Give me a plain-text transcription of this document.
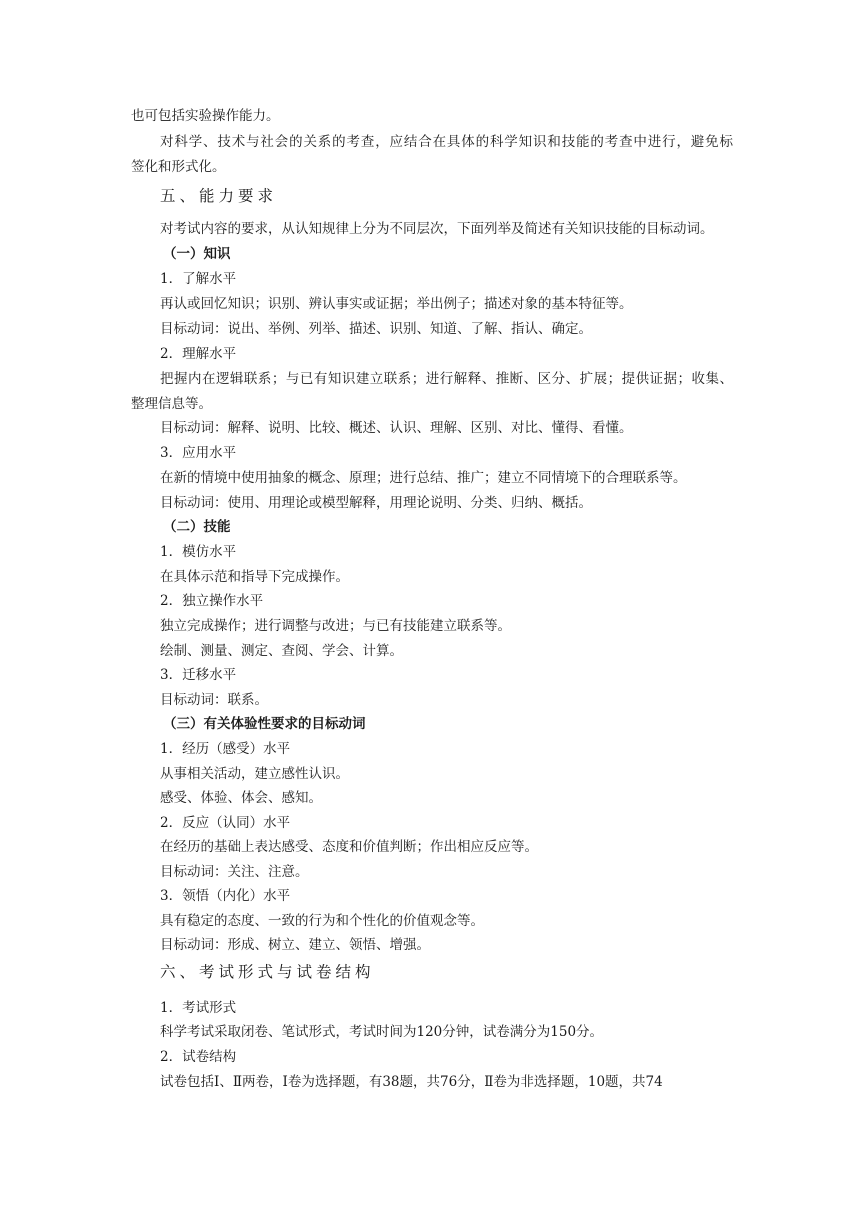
也可包括实验操作能力。
对科学、技术与社会的关系的考查，应结合在具体的科学知识和技能的考查中进行，避免标
签化和形式化。
五、能力要求
对考试内容的要求，从认知规律上分为不同层次，下面列举及简述有关知识技能的目标动词。
（一）知识
1．了解水平
再认或回忆知识；识别、辨认事实或证据；举出例子；描述对象的基本特征等。
目标动词：说出、举例、列举、描述、识别、知道、了解、指认、确定。
2．理解水平
把握内在逻辑联系；与已有知识建立联系；进行解释、推断、区分、扩展；提供证据；收集、
整理信息等。
目标动词：解释、说明、比较、概述、认识、理解、区别、对比、懂得、看懂。
3．应用水平
在新的情境中使用抽象的概念、原理；进行总结、推广；建立不同情境下的合理联系等。
目标动词：使用、用理论或模型解释，用理论说明、分类、归纳、概括。
（二）技能
1．模仿水平
在具体示范和指导下完成操作。
2．独立操作水平
独立完成操作；进行调整与改进；与已有技能建立联系等。
绘制、测量、测定、查阅、学会、计算。
3．迁移水平
目标动词：联系。
（三）有关体验性要求的目标动词
1．经历（感受）水平
从事相关活动，建立感性认识。
感受、体验、体会、感知。
2．反应（认同）水平
在经历的基础上表达感受、态度和价值判断；作出相应反应等。
目标动词：关注、注意。
3．领悟（内化）水平
具有稳定的态度、一致的行为和个性化的价值观念等。
目标动词：形成、树立、建立、领悟、增强。
六、考试形式与试卷结构
1．考试形式
科学考试采取闭卷、笔试形式，考试时间为120分钟，试卷满分为150分。
2．试卷结构
试卷包括Ⅰ、Ⅱ两卷，Ⅰ卷为选择题，有38题，共76分，Ⅱ卷为非选择题，10题，共74
